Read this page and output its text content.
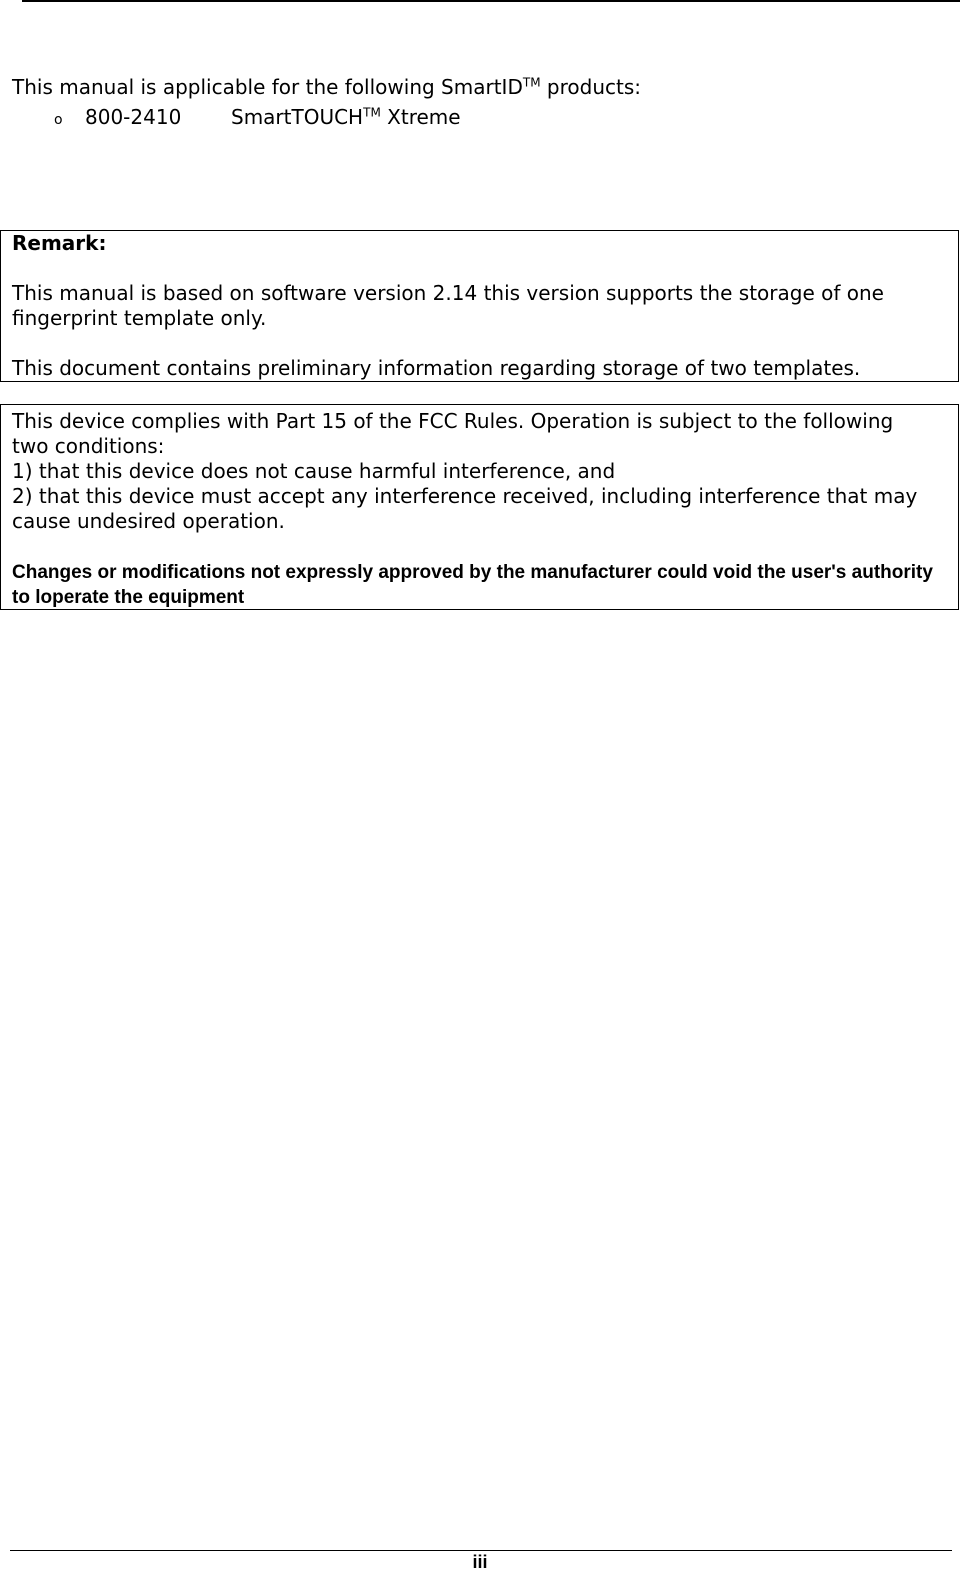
This manual is applicable for the following SmartID™ products:

o 800-2410 SmartTOUCH™ Xtreme

Remark:

This manual is based on software version 2.14 this version supports the storage of one fingerprint template only.

This document contains preliminary information regarding storage of two templates.

This device complies with Part 15 of the FCC Rules. Operation is subject to the following
two conditions:
1) that this device does not cause harmful interference, and
2) that this device must accept any interference received, including interference that may
cause undesired operation.

Changes or modifications not expressly approved by the manufacturer could void the user's authority to loperate the equipment

iii
